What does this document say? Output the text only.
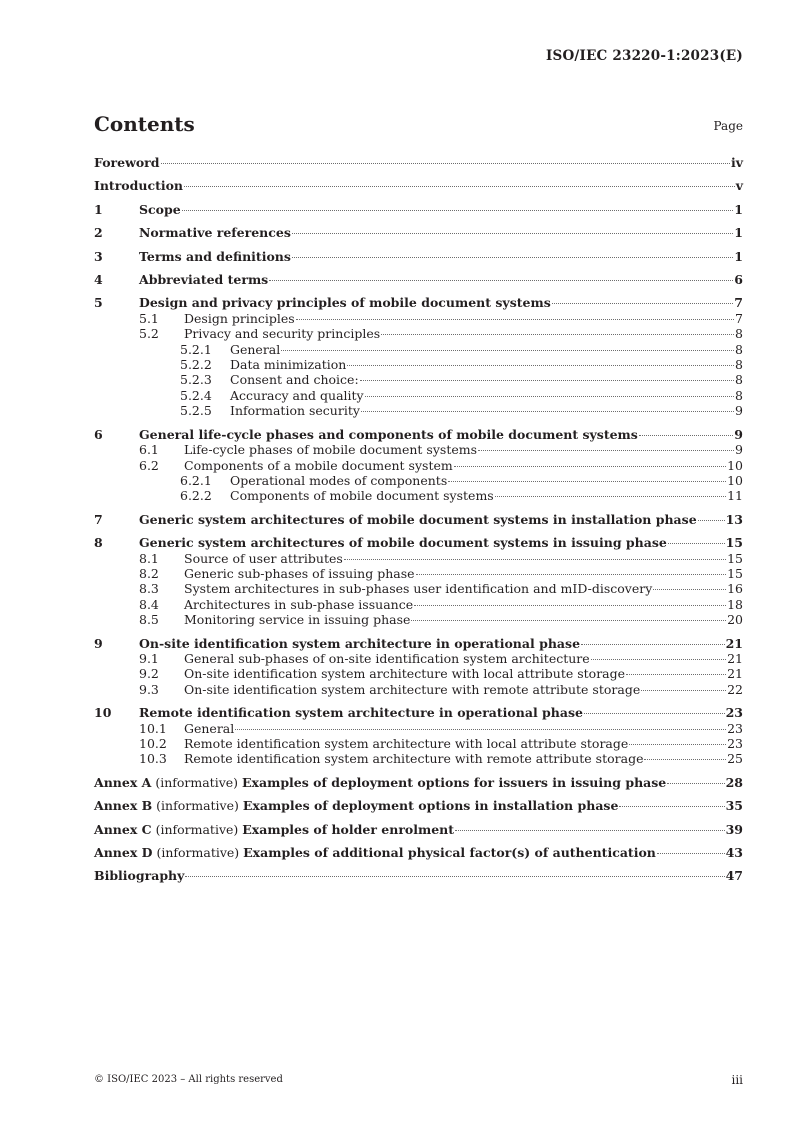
ISO/IEC 23220-1:2023(E)
Contents	Page
Foreword	iv
Introduction	v
1	Scope	1
2	Normative references	1
3	Terms and definitions	1
4	Abbreviated terms	6
5	Design and privacy principles of mobile document systems	7
5.1	Design principles	7
5.2	Privacy and security principles	8
5.2.1	General	8
5.2.2	Data minimization	8
5.2.3	Consent and choice:	8
5.2.4	Accuracy and quality	8
5.2.5	Information security	9
6	General life-cycle phases and components of mobile document systems	9
6.1	Life-cycle phases of mobile document systems	9
6.2	Components of a mobile document system	10
6.2.1	Operational modes of components	10
6.2.2	Components of mobile document systems	11
7	Generic system architectures of mobile document systems in installation phase 13
8	Generic system architectures of mobile document systems in issuing phase	15
8.1	Source of user attributes	15
8.2	Generic sub-phases of issuing phase	15
8.3	System architectures in sub-phases user identification and mID-discovery	16
8.4	Architectures in sub-phase issuance	18
8.5	Monitoring service in issuing phase	20
9	On-site identification system architecture in operational phase	21
9.1	General sub-phases of on-site identification system architecture	21
9.2	On-site identification system architecture with local attribute storage	21
9.3	On-site identification system architecture with remote attribute storage	22
10	Remote identification system architecture in operational phase	23
10.1	General	23
10.2	Remote identification system architecture with local attribute storage	23
10.3	Remote identification system architecture with remote attribute storage	25
Annex A (informative) Examples of deployment options for issuers in issuing phase	28
Annex B (informative) Examples of deployment options in installation phase	35
Annex C (informative) Examples of holder enrolment	39
Annex D (informative) Examples of additional physical factor(s) of authentication	43
Bibliography	47
© ISO/IEC 2023 – All rights reserved	iii
